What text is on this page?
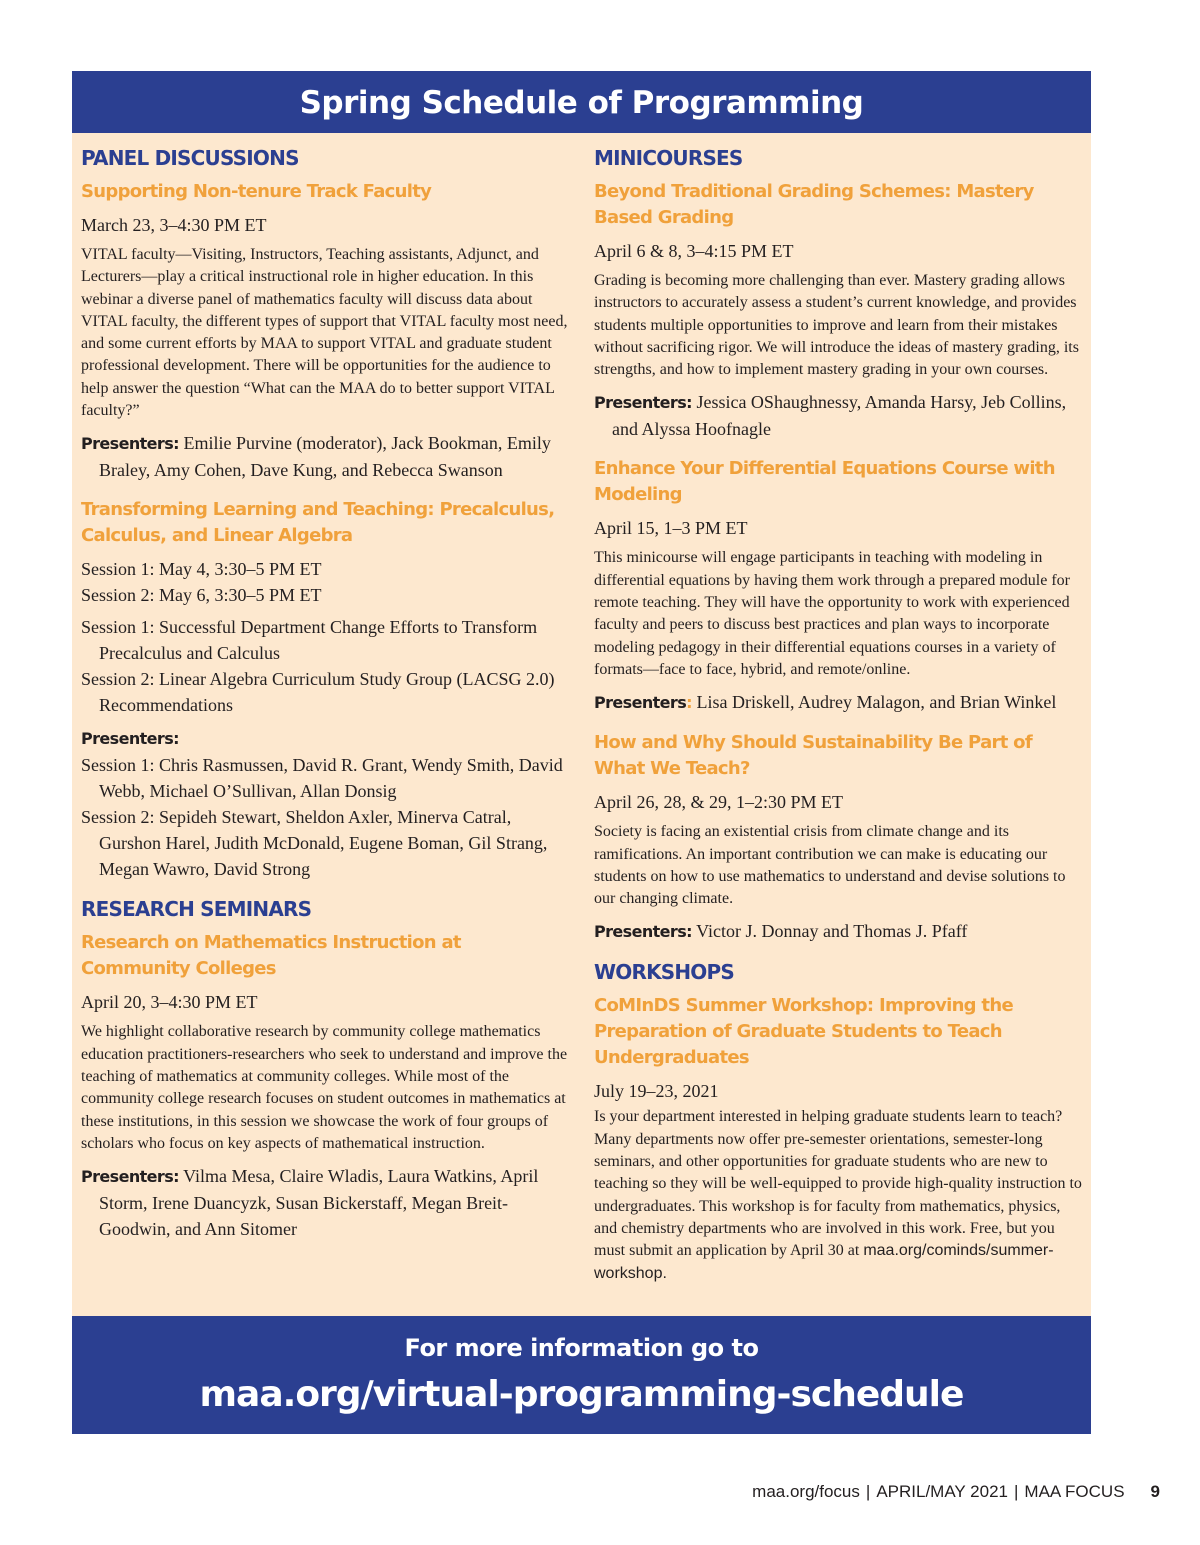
Spring Schedule of Programming
PANEL DISCUSSIONS
Supporting Non-tenure Track Faculty
March 23, 3–4:30 PM ET
VITAL faculty—Visiting, Instructors, Teaching assistants, Adjunct, and Lecturers—play a critical instructional role in higher education. In this webinar a diverse panel of mathematics faculty will discuss data about VITAL faculty, the different types of support that VITAL faculty most need, and some current efforts by MAA to support VITAL and graduate student professional development. There will be opportunities for the audience to help answer the question “What can the MAA do to better support VITAL faculty?”
Presenters: Emilie Purvine (moderator), Jack Bookman, Emily Braley, Amy Cohen, Dave Kung, and Rebecca Swanson
Transforming Learning and Teaching: Precalculus, Calculus, and Linear Algebra
Session 1: May 4, 3:30–5 PM ET
Session 2: May 6, 3:30–5 PM ET
Session 1: Successful Department Change Efforts to Transform Precalculus and Calculus
Session 2: Linear Algebra Curriculum Study Group (LACSG 2.0) Recommendations
Presenters:
Session 1: Chris Rasmussen, David R. Grant, Wendy Smith, David Webb, Michael O’Sullivan, Allan Donsig
Session 2: Sepideh Stewart, Sheldon Axler, Minerva Catral, Gurshon Harel, Judith McDonald, Eugene Boman, Gil Strang, Megan Wawro, David Strong
RESEARCH SEMINARS
Research on Mathematics Instruction at Community Colleges
April 20, 3–4:30 PM ET
We highlight collaborative research by community college mathematics education practitioners-researchers who seek to understand and improve the teaching of mathematics at community colleges. While most of the community college research focuses on student outcomes in mathematics at these institutions, in this session we showcase the work of four groups of scholars who focus on key aspects of mathematical instruction.
Presenters: Vilma Mesa, Claire Wladis, Laura Watkins, April Storm, Irene Duancyzk, Susan Bickerstaff, Megan Breit-Goodwin, and Ann Sitomer
MINICOURSES
Beyond Traditional Grading Schemes: Mastery Based Grading
April 6 & 8, 3–4:15 PM ET
Grading is becoming more challenging than ever. Mastery grading allows instructors to accurately assess a student’s current knowledge, and provides students multiple opportunities to improve and learn from their mistakes without sacrificing rigor. We will introduce the ideas of mastery grading, its strengths, and how to implement mastery grading in your own courses.
Presenters: Jessica OShaughnessy, Amanda Harsy, Jeb Collins, and Alyssa Hoofnagle
Enhance Your Differential Equations Course with Modeling
April 15, 1–3 PM ET
This minicourse will engage participants in teaching with modeling in differential equations by having them work through a prepared module for remote teaching. They will have the opportunity to work with experienced faculty and peers to discuss best practices and plan ways to incorporate modeling pedagogy in their differential equations courses in a variety of formats—face to face, hybrid, and remote/online.
Presenters: Lisa Driskell, Audrey Malagon, and Brian Winkel
How and Why Should Sustainability Be Part of What We Teach?
April 26, 28, & 29, 1–2:30 PM ET
Society is facing an existential crisis from climate change and its ramifications. An important contribution we can make is educating our students on how to use mathematics to understand and devise solutions to our changing climate.
Presenters: Victor J. Donnay and Thomas J. Pfaff
WORKSHOPS
CoMInDS Summer Workshop: Improving the Preparation of Graduate Students to Teach Undergraduates
July 19–23, 2021
Is your department interested in helping graduate students learn to teach? Many departments now offer pre-semester orientations, semester-long seminars, and other opportunities for graduate students who are new to teaching so they will be well-equipped to provide high-quality instruction to undergraduates. This workshop is for faculty from mathematics, physics, and chemistry departments who are involved in this work. Free, but you must submit an application by April 30 at maa.org/cominds/summer-workshop.
For more information go to
maa.org/virtual-programming-schedule
maa.org/focus | APRIL/MAY 2021 | MAA FOCUS 9
